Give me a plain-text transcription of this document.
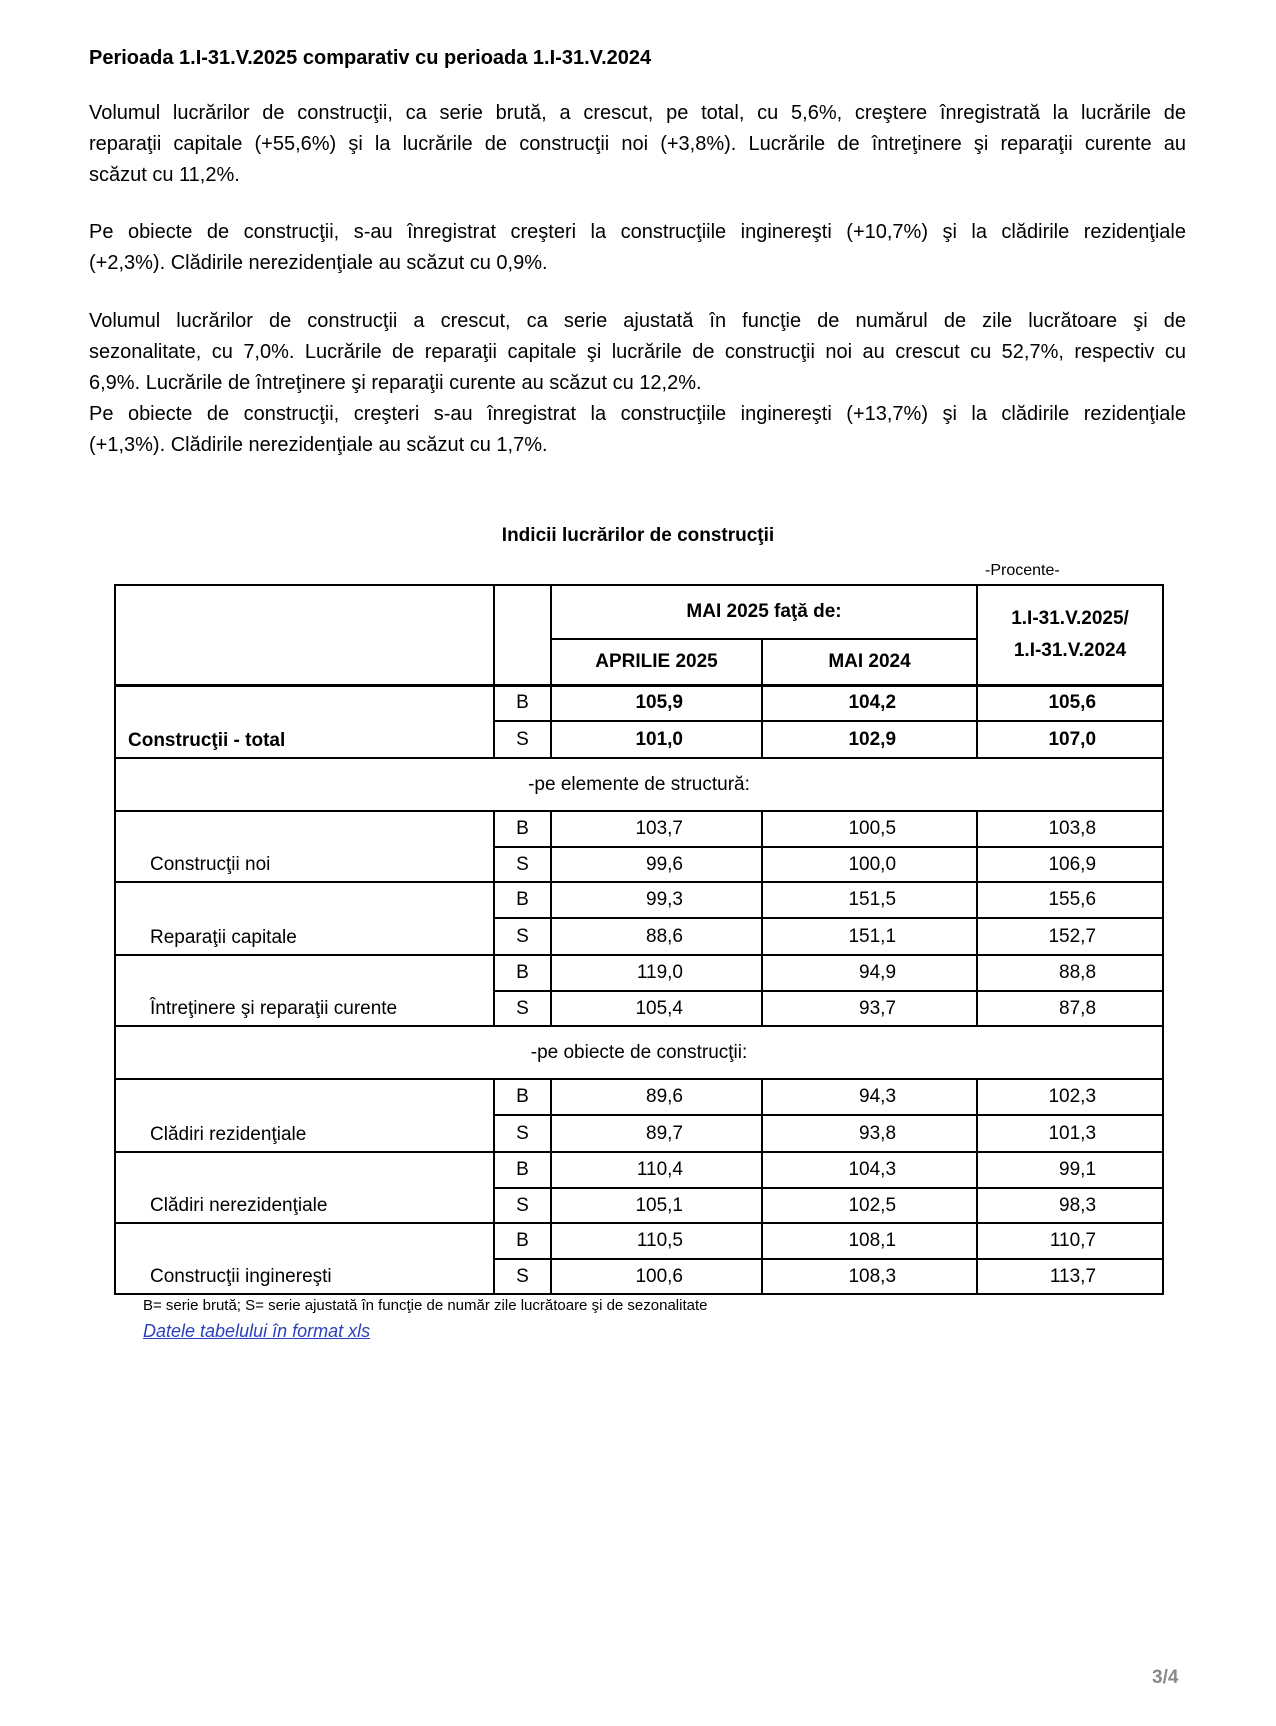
Perioada 1.I-31.V.2025 comparativ cu perioada 1.I-31.V.2024
Volumul lucrărilor de construcţii, ca serie brută, a crescut, pe total, cu 5,6%, creştere înregistrată la lucrările de
reparaţii capitale (+55,6%) şi la lucrările de construcţii noi (+3,8%). Lucrările de întreţinere şi reparaţii curente au
scăzut cu 11,2%.
Pe obiecte de construcţii, s-au înregistrat creşteri la construcţiile inginereşti (+10,7%) şi la clădirile rezidenţiale
(+2,3%). Clădirile nerezidenţiale au scăzut cu 0,9%.
Volumul lucrărilor de construcţii a crescut, ca serie ajustată în funcţie de numărul de zile lucrătoare şi de
sezonalitate, cu 7,0%. Lucrările de reparaţii capitale şi lucrările de construcţii noi au crescut cu 52,7%, respectiv cu
6,9%. Lucrările de întreţinere şi reparaţii curente au scăzut cu 12,2%.
Pe obiecte de construcţii, creşteri s-au înregistrat la construcţiile inginereşti (+13,7%) şi la clădirile rezidenţiale
(+1,3%). Clădirile nerezidenţiale au scăzut cu 1,7%.
Indicii lucrărilor de construcţii
-Procente-
		MAI 2025 faţă de:		1.I-31.V.2025/
1.I-31.V.2024

		APRILIE 2025	MAI 2024	
Construcţii - total	B	105,9	104,2	105,6
	S	101,0	102,9	107,0
-pe elemente de structură:				
Construcţii noi	B	103,7	100,5	103,8
	S	99,6	100,0	106,9
Reparaţii capitale	B	99,3	151,5	155,6
	S	88,6	151,1	152,7
Întreţinere şi reparaţii curente	B	119,0	94,9	88,8
	S	105,4	93,7	87,8
-pe obiecte de construcţii:				
Clădiri rezidenţiale	B	89,6	94,3	102,3
	S	89,7	93,8	101,3
Clădiri nerezidenţiale	B	110,4	104,3	99,1
	S	105,1	102,5	98,3
Construcţii inginereşti	B	110,5	108,1	110,7
	S	100,6	108,3	113,7
B= serie brută; S= serie ajustată în funcţie de număr zile lucrătoare şi de sezonalitate
Datele tabelului în format xls
3/4
